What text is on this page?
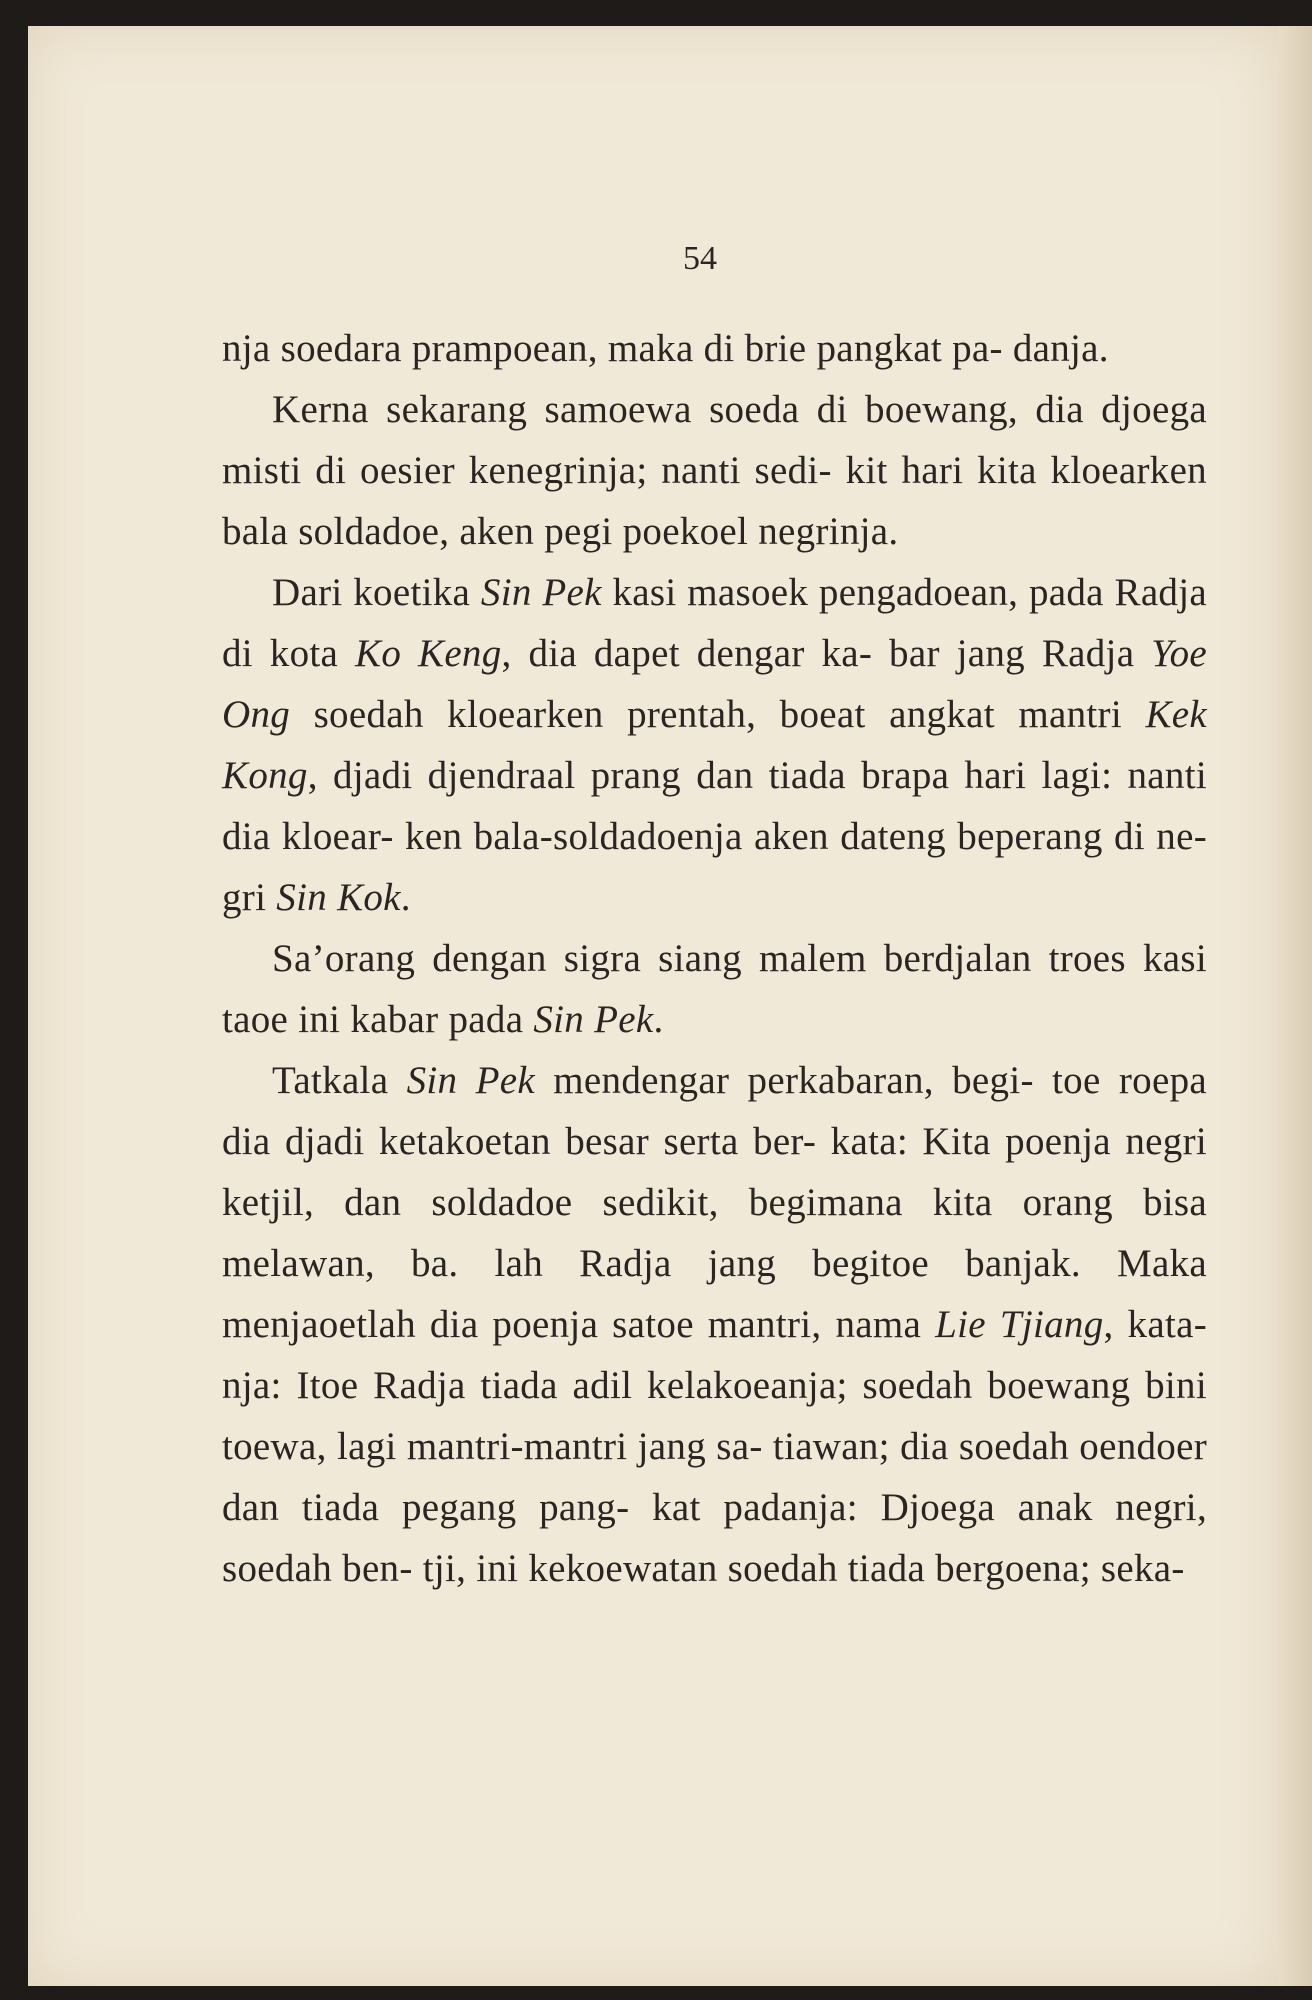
54

nja soedara prampoean, maka di brie pangkat pa- danja.

Kerna sekarang samoewa soeda di boewang, dia djoega misti di oesier kenegrinja; nanti sedi- kit hari kita kloearken bala soldadoe, aken pegi poekoel negrinja.

Dari koetika Sin Pek kasi masoek pengadoean, pada Radja di kota Ko Keng, dia dapet dengar ka- bar jang Radja Yoe Ong soedah kloearken prentah, boeat angkat mantri Kek Kong, djadi djendraal prang dan tiada brapa hari lagi: nanti dia kloear- ken bala-soldadoenja aken dateng beperang di ne- gri Sin Kok.

Sa’orang dengan sigra siang malem berdjalan troes kasi taoe ini kabar pada Sin Pek.

Tatkala Sin Pek mendengar perkabaran, begi- toe roepa dia djadi ketakoetan besar serta ber- kata: Kita poenja negri ketjil, dan soldadoe sedikit, begimana kita orang bisa melawan, ba. lah Radja jang begitoe banjak. Maka menjaoetlah dia poenja satoe mantri, nama Lie Tjiang, kata- nja: Itoe Radja tiada adil kelakoeanja; soedah boewang bini toewa, lagi mantri-mantri jang sa- tiawan; dia soedah oendoer dan tiada pegang pang- kat padanja: Djoega anak negri, soedah ben- tji, ini kekoewatan soedah tiada bergoena; seka-
